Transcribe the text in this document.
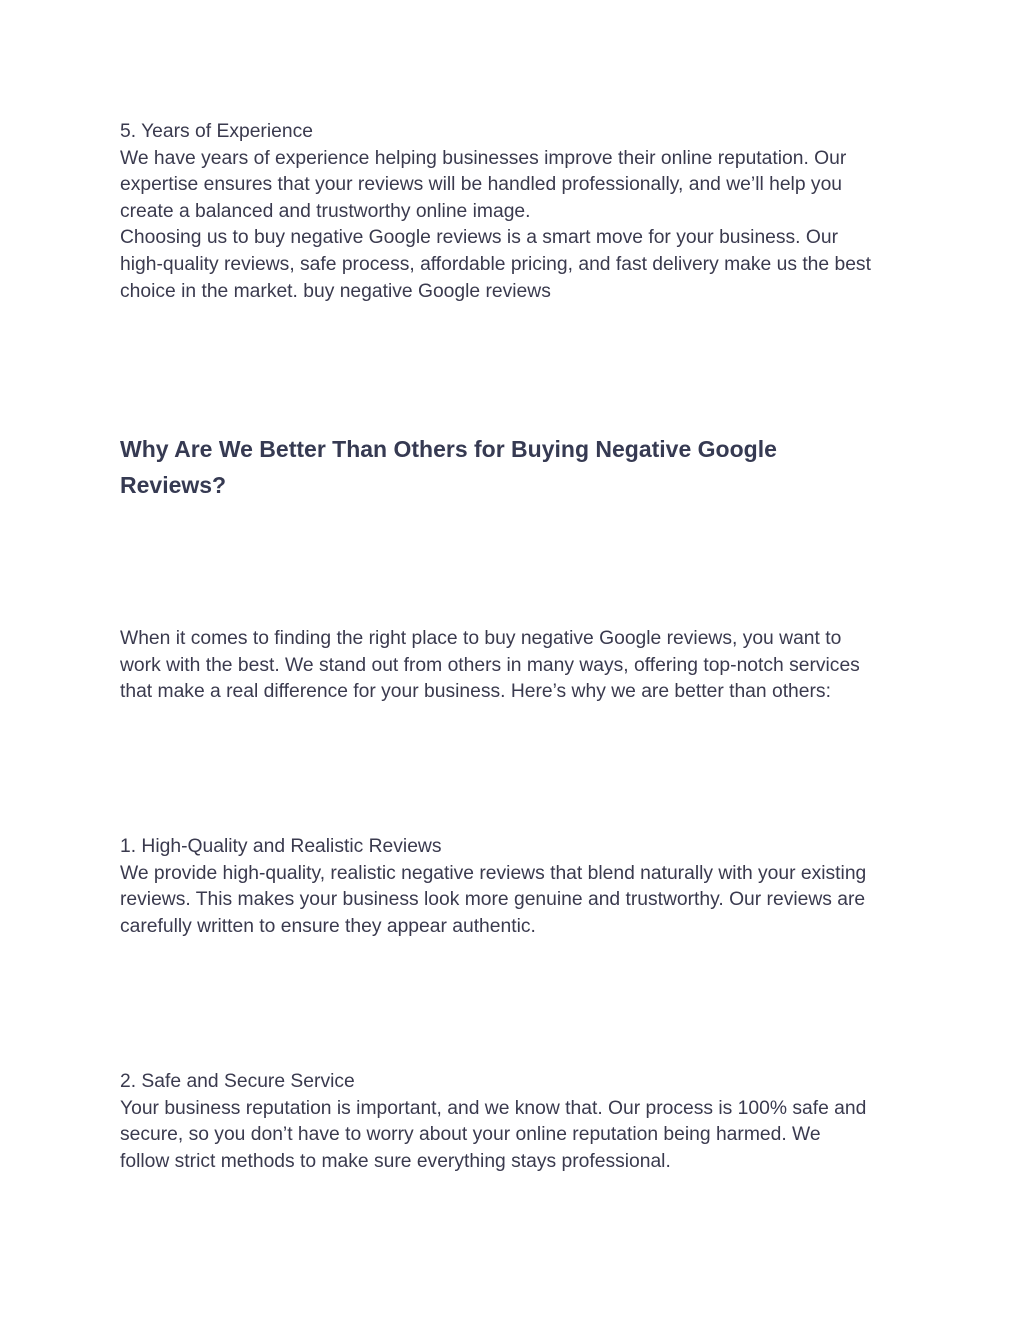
5. Years of Experience
We have years of experience helping businesses improve their online reputation. Our
expertise ensures that your reviews will be handled professionally, and we’ll help you
create a balanced and trustworthy online image.
Choosing us to buy negative Google reviews is a smart move for your business. Our
high-quality reviews, safe process, affordable pricing, and fast delivery make us the best
choice in the market. buy negative Google reviews
Why Are We Better Than Others for Buying Negative Google
Reviews?
When it comes to finding the right place to buy negative Google reviews, you want to
work with the best. We stand out from others in many ways, offering top-notch services
that make a real difference for your business. Here’s why we are better than others:
1. High-Quality and Realistic Reviews
We provide high-quality, realistic negative reviews that blend naturally with your existing
reviews. This makes your business look more genuine and trustworthy. Our reviews are
carefully written to ensure they appear authentic.
2. Safe and Secure Service
Your business reputation is important, and we know that. Our process is 100% safe and
secure, so you don’t have to worry about your online reputation being harmed. We
follow strict methods to make sure everything stays professional.
